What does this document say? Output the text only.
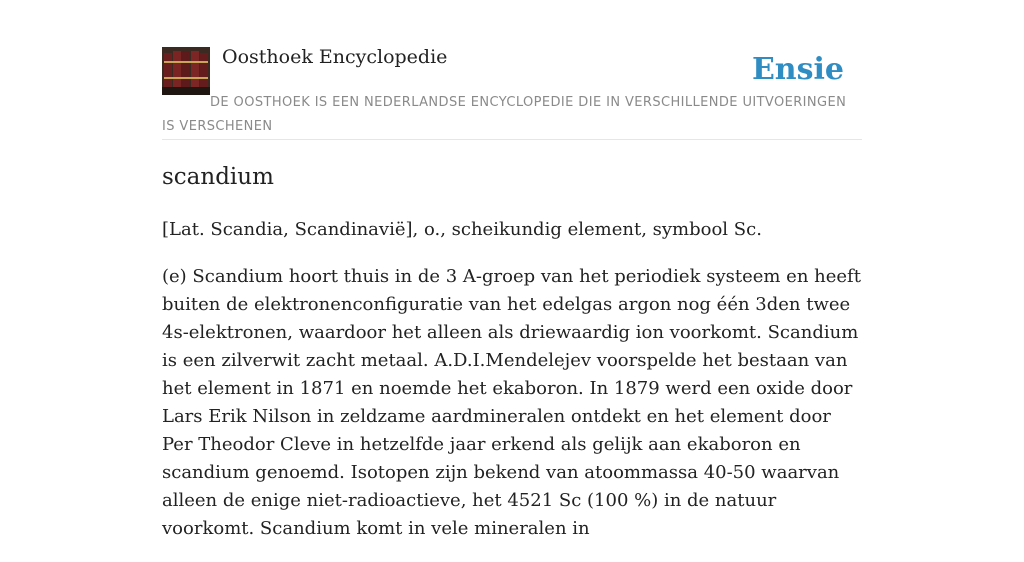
Oosthoek Encyclopedie	Ensie
DE OOSTHOEK IS EEN NEDERLANDSE ENCYCLOPEDIE DIE IN VERSCHILLENDE UITVOERINGEN IS VERSCHENEN
scandium

[Lat. Scandia, Scandinavië], o., scheikundig element, symbool Sc.

(e) Scandium hoort thuis in de 3 A-groep van het periodiek systeem en heeft buiten de elektronenconfiguratie van het edelgas argon nog één 3den twee 4s-elektronen, waardoor het alleen als driewaardig ion voorkomt. Scandium is een zilverwit zacht metaal. A.D.I.Mendelejev voorspelde het bestaan van het element in 1871 en noemde het ekaboron. In 1879 werd een oxide door Lars Erik Nilson in zeldzame aardmineralen ontdekt en het element door Per Theodor Cleve in hetzelfde jaar erkend als gelijk aan ekaboron en scandium genoemd. Isotopen zijn bekend van atoommassa 40-50 waarvan alleen de enige niet-radioactieve, het 4521 Sc (100 %) in de natuur voorkomt. Scandium komt in vele mineralen in
